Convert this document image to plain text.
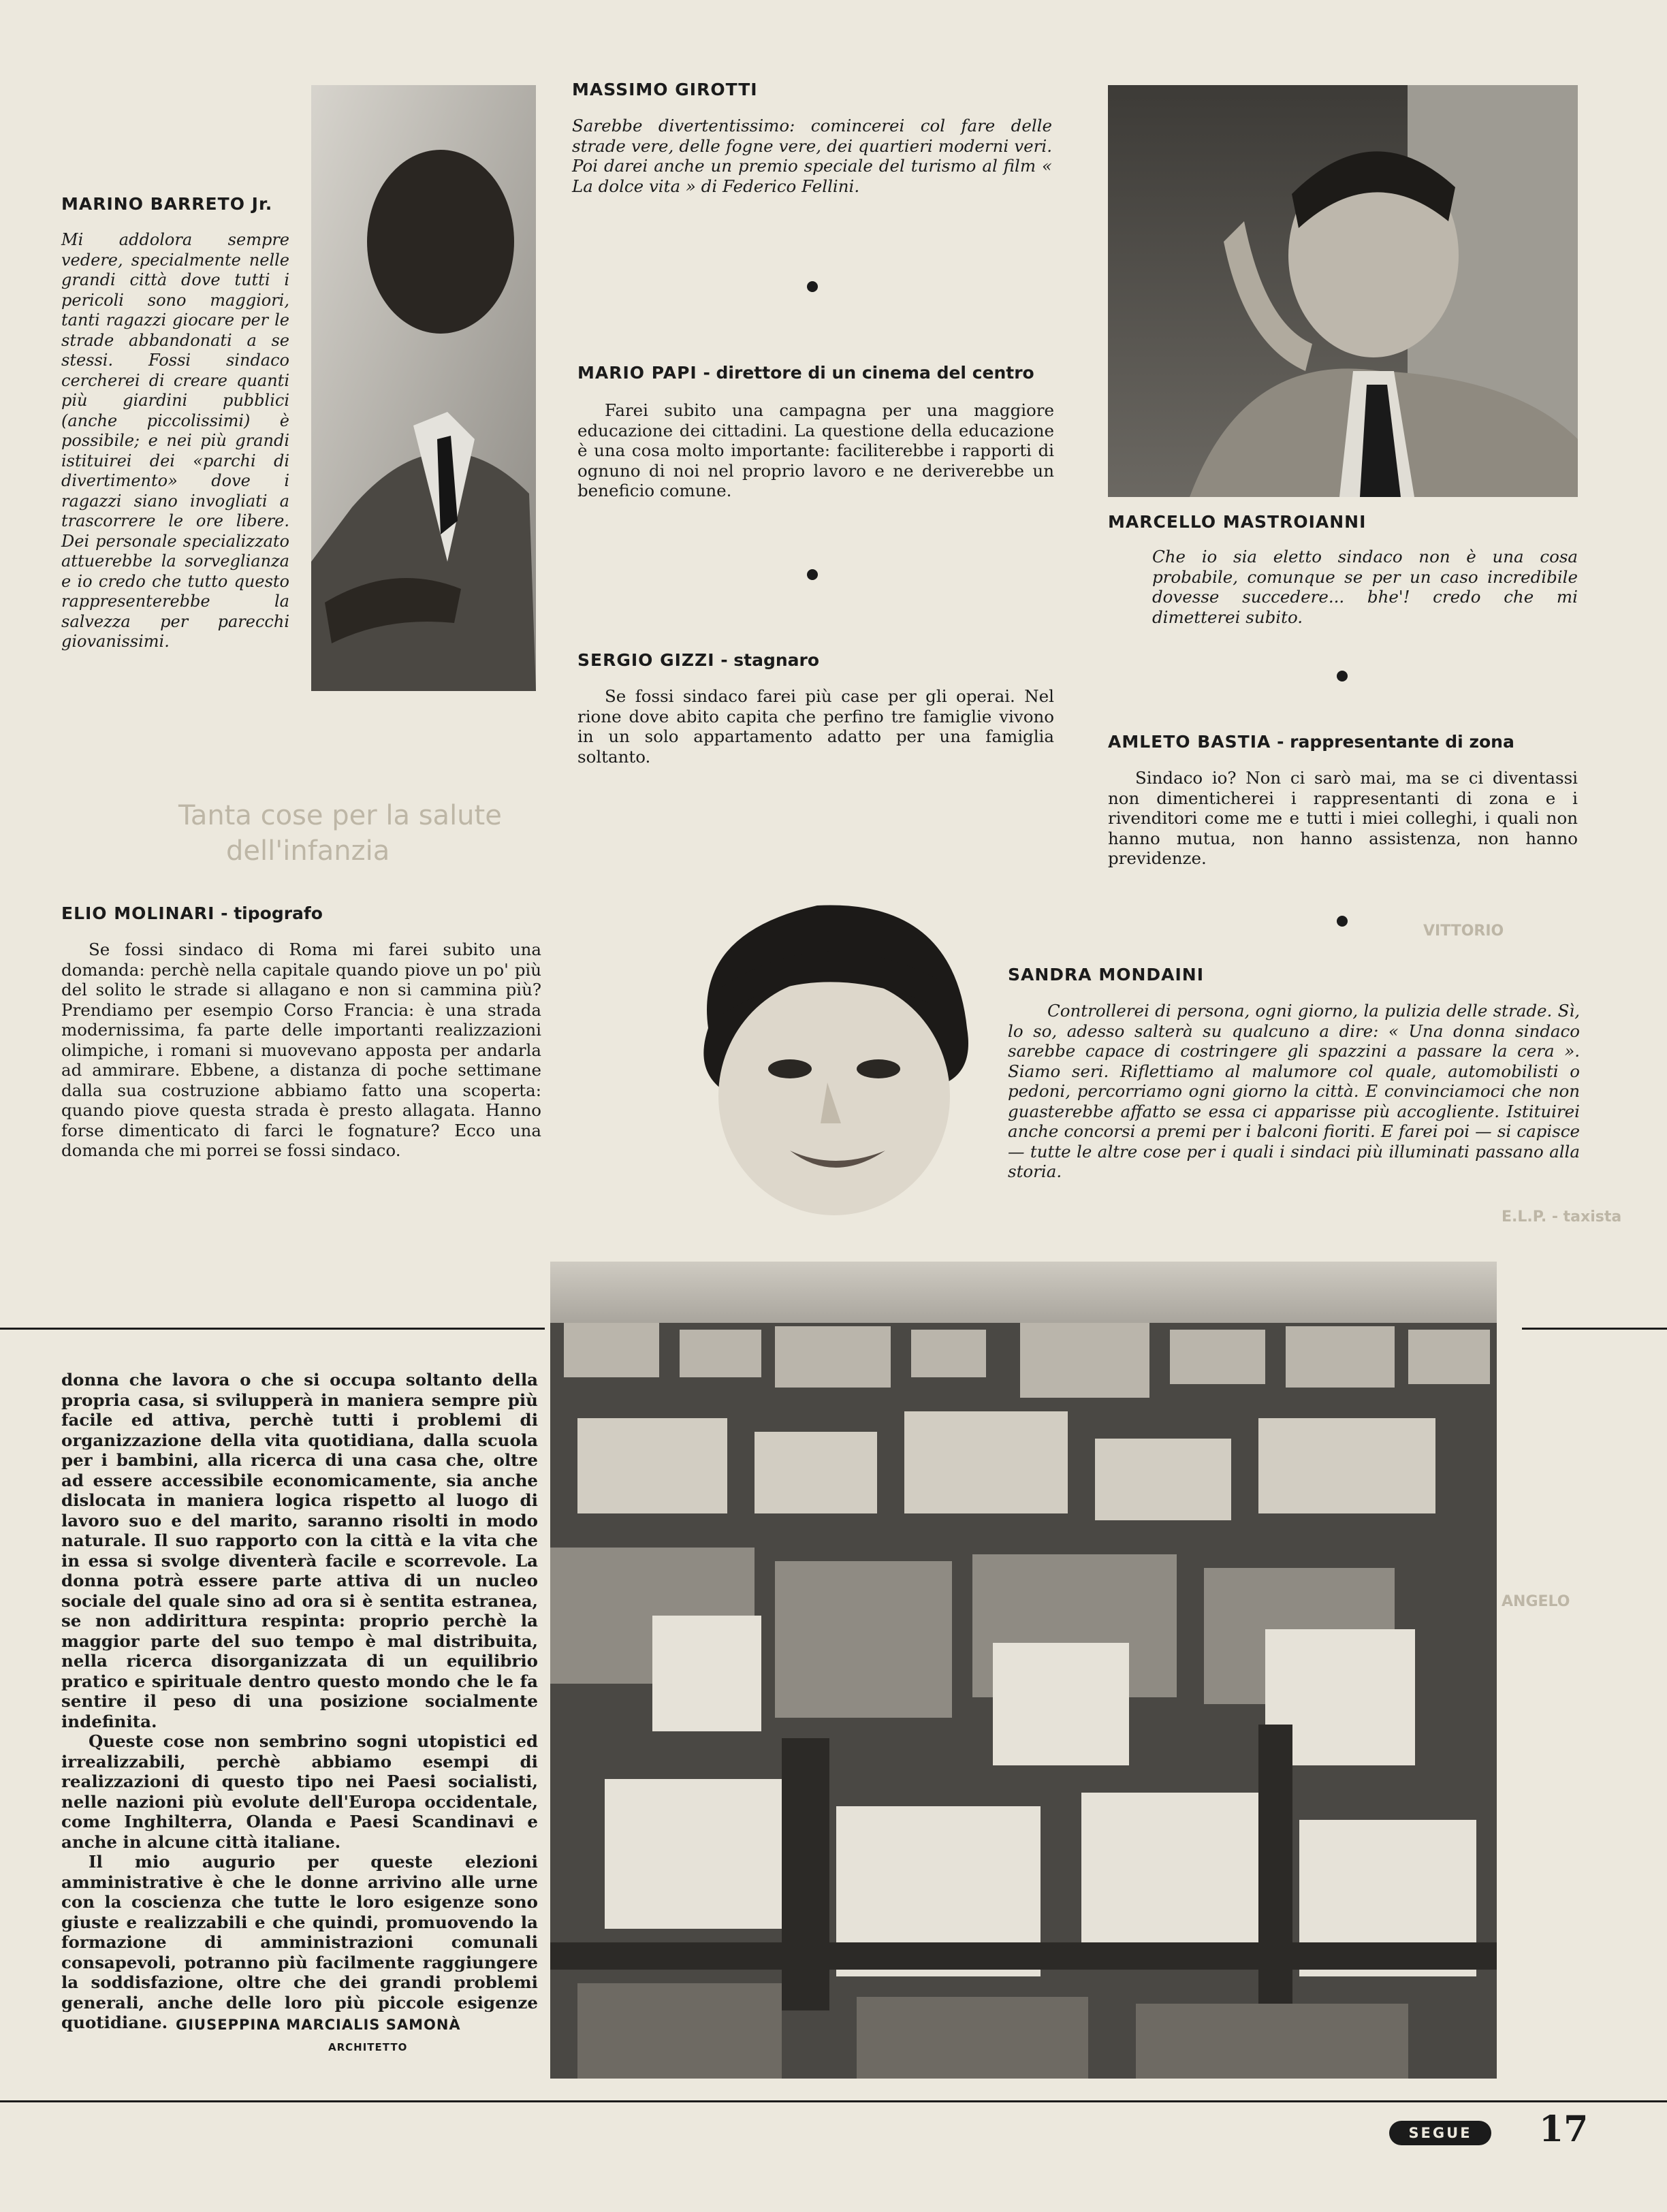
Tanta cose per la salute
dell'infanzia
VITTORIO
E.L.P. - taxista
ANGELO
MARINO BARRETO Jr.
Mi addolora sempre vedere, specialmente nelle grandi città dove tutti i pericoli sono maggiori, tanti ragazzi giocare per le strade abbandonati a se stessi. Fossi sindaco cercherei di creare quanti più giardini pubblici (anche piccolissimi) è possibile; e nei più grandi istituirei dei «parchi di divertimento» dove i ragazzi siano invogliati a trascorrere le ore libere. Dei personale specializzato attuerebbe la sorveglianza e io credo che tutto questo rappresenterebbe la salvezza per parecchi giovanissimi.
MASSIMO GIROTTI
Sarebbe divertentissimo: comincerei col fare delle strade vere, delle fogne vere, dei quartieri moderni veri. Poi darei anche un premio speciale del turismo al film « La dolce vita » di Federico Fellini.
MARIO PAPI - direttore di un cinema del centro
Farei subito una campagna per una maggiore educazione dei cittadini. La questione della educazione è una cosa molto importante: faciliterebbe i rapporti di ognuno di noi nel proprio lavoro e ne deriverebbe un beneficio comune.
SERGIO GIZZI - stagnaro
Se fossi sindaco farei più case per gli operai. Nel rione dove abito capita che perfino tre famiglie vivono in un solo appartamento adatto per una famiglia soltanto.
MARCELLO MASTROIANNI
Che io sia eletto sindaco non è una cosa probabile, comunque se per un caso incredibile dovesse succedere... bhe'! credo che mi dimetterei subito.
AMLETO BASTIA - rappresentante di zona
Sindaco io? Non ci sarò mai, ma se ci diventassi non dimenticherei i rappresentanti di zona e i rivenditori come me e tutti i miei colleghi, i quali non hanno mutua, non hanno assistenza, non hanno previdenze.
ELIO MOLINARI - tipografo
Se fossi sindaco di Roma mi farei subito una domanda: perchè nella capitale quando piove un po' più del solito le strade si allagano e non si cammina più? Prendiamo per esempio Corso Francia: è una strada modernissima, fa parte delle importanti realizzazioni olimpiche, i romani si muovevano apposta per andarla ad ammirare. Ebbene, a distanza di poche settimane dalla sua costruzione abbiamo fatto una scoperta: quando piove questa strada è presto allagata. Hanno forse dimenticato di farci le fognature? Ecco una domanda che mi porrei se fossi sindaco.
SANDRA MONDAINI
Controllerei di persona, ogni giorno, la pulizia delle strade. Sì, lo so, adesso salterà su qualcuno a dire: « Una donna sindaco sarebbe capace di costringere gli spazzini a passare la cera ». Siamo seri. Riflettiamo al malumore col quale, automobilisti o pedoni, percorriamo ogni giorno la città. E convinciamoci che non guasterebbe affatto se essa ci apparisse più accogliente. Istituirei anche concorsi a premi per i balconi fioriti. E farei poi — si capisce — tutte le altre cose per i quali i sindaci più illuminati passano alla storia.
donna che lavora o che si occupa soltanto della propria casa, si svilupperà in maniera sempre più facile ed attiva, perchè tutti i problemi di organizzazione della vita quotidiana, dalla scuola per i bambini, alla ricerca di una casa che, oltre ad essere accessibile economicamente, sia anche dislocata in maniera logica rispetto al luogo di lavoro suo e del marito, saranno risolti in modo naturale. Il suo rapporto con la città e la vita che in essa si svolge diventerà facile e scorrevole. La donna potrà essere parte attiva di un nucleo sociale del quale sino ad ora si è sentita estranea, se non addirittura respinta: proprio perchè la maggior parte del suo tempo è mal distribuita, nella ricerca disorganizzata di un equilibrio pratico e spirituale dentro questo mondo che le fa sentire il peso di una posizione socialmente indefinita.
Queste cose non sembrino sogni utopistici ed irrealizzabili, perchè abbiamo esempi di realizzazioni di questo tipo nei Paesi socialisti, nelle nazioni più evolute dell'Europa occidentale, come Inghilterra, Olanda e Paesi Scandinavi e anche in alcune città italiane.
Il mio augurio per queste elezioni amministrative è che le donne arrivino alle urne con la coscienza che tutte le loro esigenze sono giuste e realizzabili e che quindi, promuovendo la formazione di amministrazioni comunali consapevoli, potranno più facilmente raggiungere la soddisfazione, oltre che dei grandi problemi generali, anche delle loro più piccole esigenze quotidiane. GIUSEPPINA MARCIALIS SAMONÀ
ARCHITETTO
SEGUE 17
